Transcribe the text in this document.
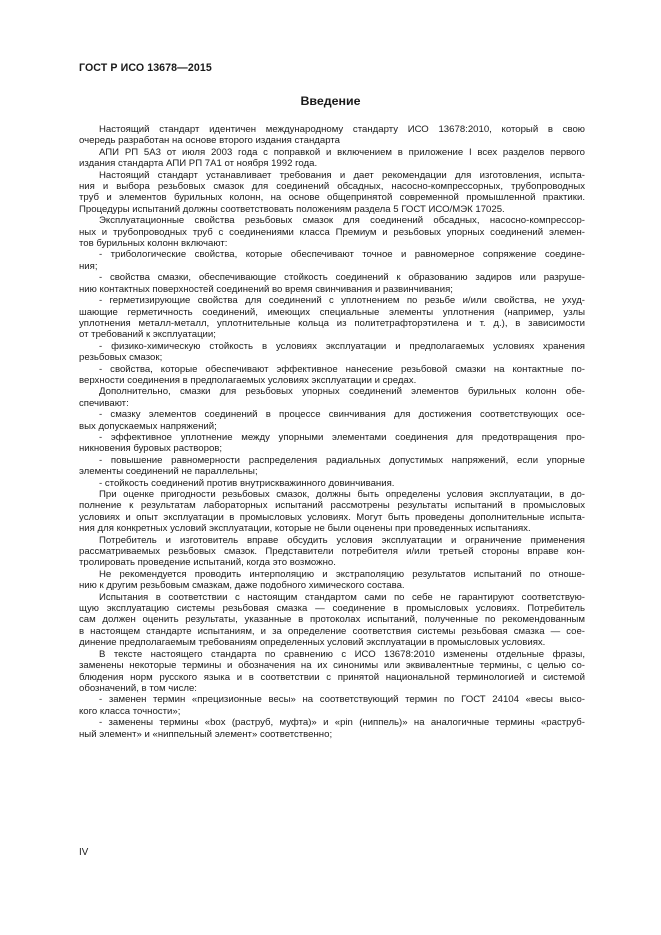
ГОСТ Р ИСО 13678—2015
Введение
Настоящий стандарт идентичен международному стандарту ИСО 13678:2010, который в свою
очередь разработан на основе второго издания стандарта
АПИ РП 5А3 от июля 2003 года с поправкой и включением в приложение I всех разделов первого
издания стандарта АПИ РП 7А1 от ноября 1992 года.
Настоящий стандарт устанавливает требования и дает рекомендации для изготовления, испыта-
ния и выбора резьбовых смазок для соединений обсадных, насосно-компрессорных, трубопроводных
труб и элементов бурильных колонн, на основе общепринятой современной промышленной практики.
Процедуры испытаний должны соответствовать положениям раздела 5 ГОСТ ИСО/МЭК 17025.
Эксплуатационные свойства резьбовых смазок для соединений обсадных, насосно-компрессор-
ных и трубопроводных труб с соединениями класса Премиум и резьбовых упорных соединений элемен-
тов бурильных колонн включают:
- трибологические свойства, которые обеспечивают точное и равномерное сопряжение соедине-
ния;
- свойства смазки, обеспечивающие стойкость соединений к образованию задиров или разруше-
нию контактных поверхностей соединений во время свинчивания и развинчивания;
- герметизирующие свойства для соединений с уплотнением по резьбе и/или свойства, не ухуд-
шающие герметичность соединений, имеющих специальные элементы уплотнения (например, узлы
уплотнения металл-металл, уплотнительные кольца из политетрафторэтилена и т. д.), в зависимости
от требований к эксплуатации;
- физико-химическую стойкость в условиях эксплуатации и предполагаемых условиях хранения
резьбовых смазок;
- свойства, которые обеспечивают эффективное нанесение резьбовой смазки на контактные по-
верхности соединения в предполагаемых условиях эксплуатации и средах.
Дополнительно, смазки для резьбовых упорных соединений элементов бурильных колонн обе-
спечивают:
- смазку элементов соединений в процессе свинчивания для достижения соответствующих осе-
вых допускаемых напряжений;
- эффективное уплотнение между упорными элементами соединения для предотвращения про-
никновения буровых растворов;
- повышение равномерности распределения радиальных допустимых напряжений, если упорные
элементы соединений не параллельны;
- стойкость соединений против внутрискважинного довинчивания.
При оценке пригодности резьбовых смазок, должны быть определены условия эксплуатации, в до-
полнение к результатам лабораторных испытаний рассмотрены результаты испытаний в промысловых
условиях и опыт эксплуатации в промысловых условиях. Могут быть проведены дополнительные испыта-
ния для конкретных условий эксплуатации, которые не были оценены при проведенных испытаниях.
Потребитель и изготовитель вправе обсудить условия эксплуатации и ограничение применения
рассматриваемых резьбовых смазок. Представители потребителя и/или третьей стороны вправе кон-
тролировать проведение испытаний, когда это возможно.
Не рекомендуется проводить интерполяцию и экстраполяцию результатов испытаний по отноше-
нию к другим резьбовым смазкам, даже подобного химического состава.
Испытания в соответствии с настоящим стандартом сами по себе не гарантируют соответствую-
щую эксплуатацию системы резьбовая смазка — соединение в промысловых условиях. Потребитель
сам должен оценить результаты, указанные в протоколах испытаний, полученные по рекомендованным
в настоящем стандарте испытаниям, и за определение соответствия системы резьбовая смазка — сое-
динение предполагаемым требованиям определенных условий эксплуатации в промысловых условиях.
В тексте настоящего стандарта по сравнению с ИСО 13678:2010 изменены отдельные фразы,
заменены некоторые термины и обозначения на их синонимы или эквивалентные термины, с целью со-
блюдения норм русского языка и в соответствии с принятой национальной терминологией и системой
обозначений, в том числе:
- заменен термин «прецизионные весы» на соответствующий термин по ГОСТ 24104 «весы высо-
кого класса точности»;
- заменены термины «box (раструб, муфта)» и «pin (ниппель)» на аналогичные термины «раструб-
ный элемент» и «ниппельный элемент» соответственно;
IV
